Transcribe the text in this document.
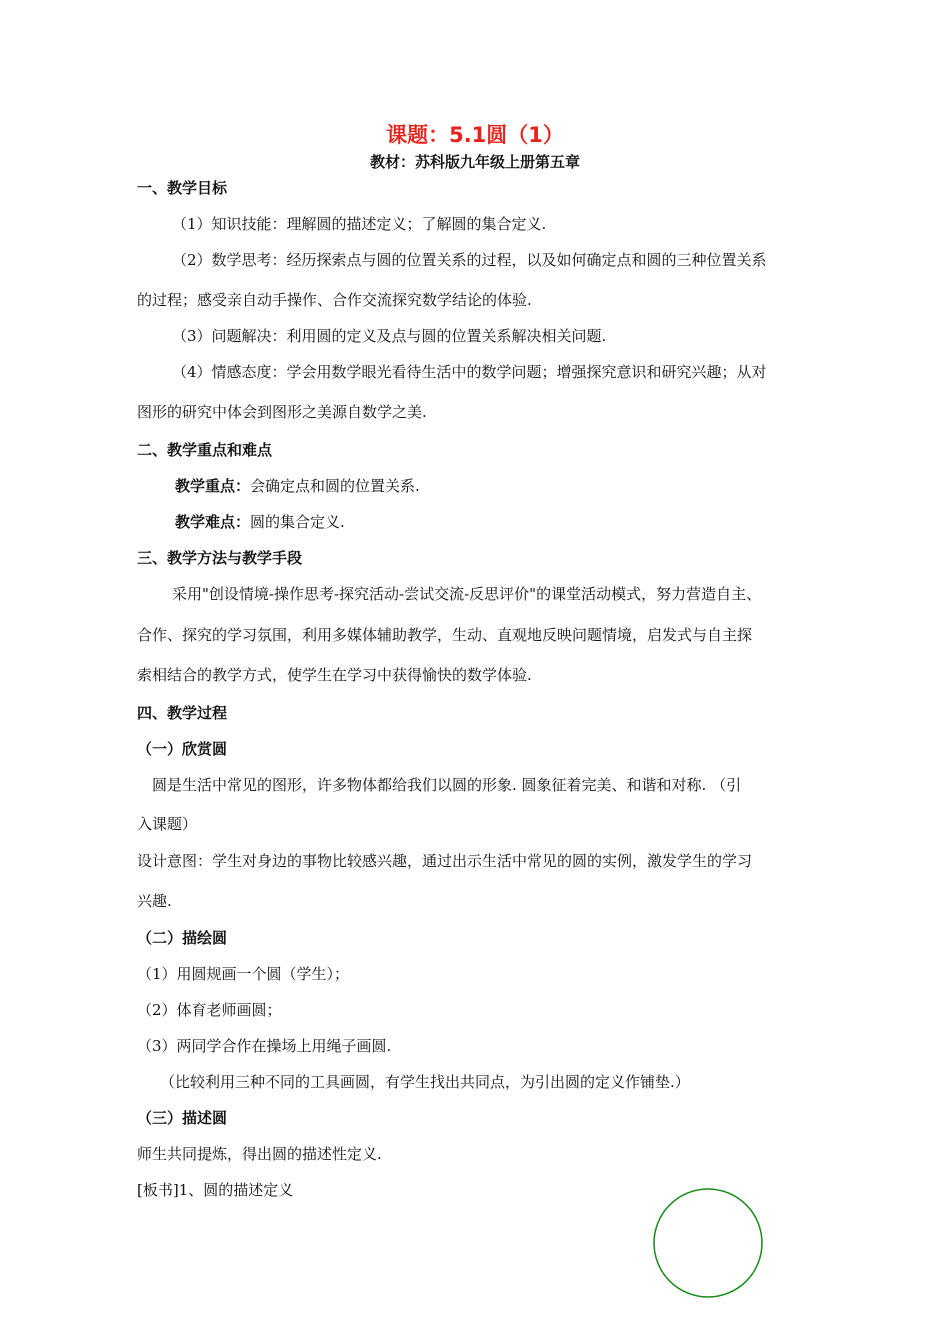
课题：5.1圆（1）
教材：苏科版九年级上册第五章
一、教学目标
（1）知识技能：理解圆的描述定义；了解圆的集合定义.
（2）数学思考：经历探索点与圆的位置关系的过程，以及如何确定点和圆的三种位置关系
的过程；感受亲自动手操作、合作交流探究数学结论的体验.
（3）问题解决：利用圆的定义及点与圆的位置关系解决相关问题.
（4）情感态度：学会用数学眼光看待生活中的数学问题；增强探究意识和研究兴趣；从对
图形的研究中体会到图形之美源自数学之美.
二、教学重点和难点
教学重点：会确定点和圆的位置关系.
教学难点：圆的集合定义.
三、教学方法与教学手段
采用"创设情境-操作思考-探究活动-尝试交流-反思评价"的课堂活动模式，努力营造自主、
合作、探究的学习氛围，利用多媒体辅助教学，生动、直观地反映问题情境，启发式与自主探
索相结合的教学方式，使学生在学习中获得愉快的数学体验.
四、教学过程
（一）欣赏圆
圆是生活中常见的图形，许多物体都给我们以圆的形象. 圆象征着完美、和谐和对称. （引
入课题）
设计意图：学生对身边的事物比较感兴趣，通过出示生活中常见的圆的实例，激发学生的学习
兴趣.
（二）描绘圆
（1）用圆规画一个圆（学生）；
（2）体育老师画圆；
（3）两同学合作在操场上用绳子画圆.
（比较利用三种不同的工具画圆，有学生找出共同点，为引出圆的定义作铺垫.）
（三）描述圆
师生共同提炼，得出圆的描述性定义.
[板书]1、圆的描述定义
